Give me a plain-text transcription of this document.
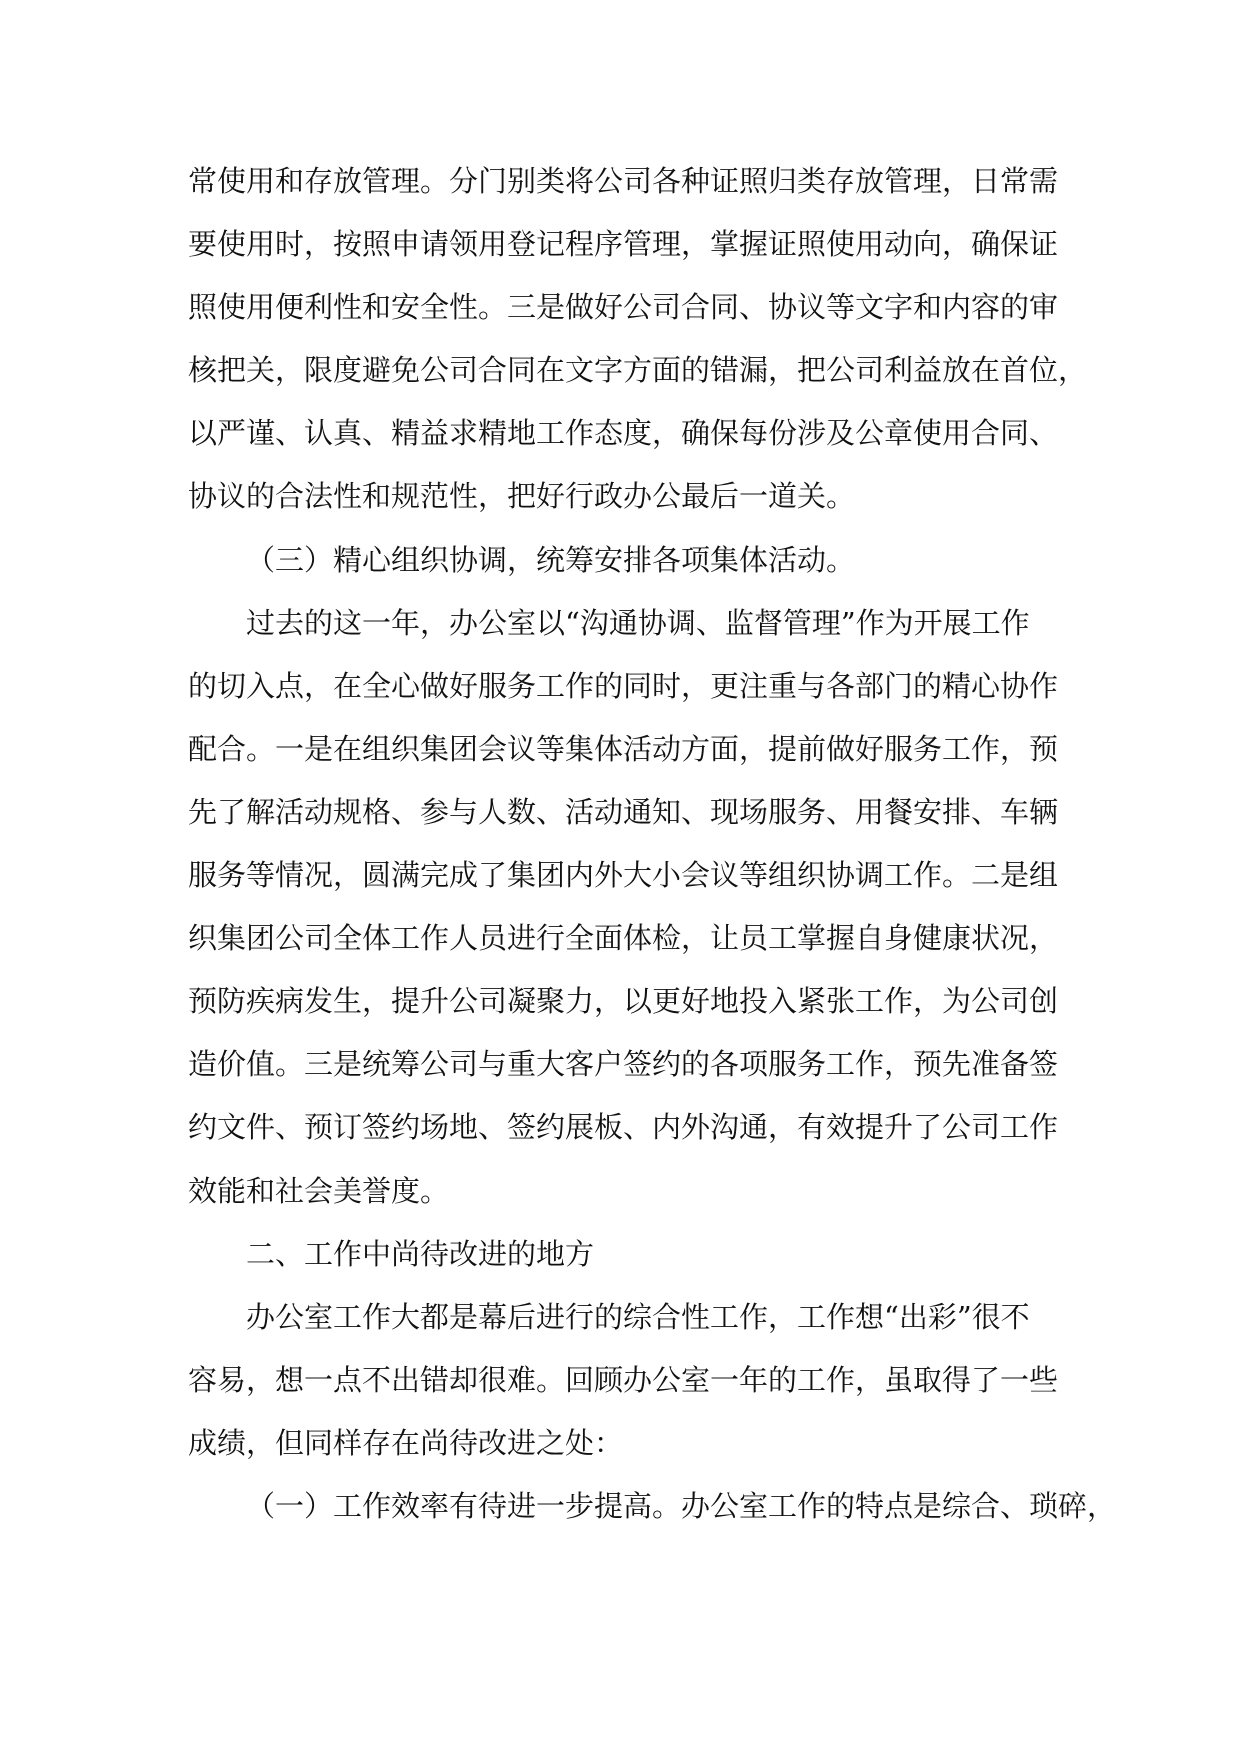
常使用和存放管理。分门别类将公司各种证照归类存放管理，日常需
要使用时，按照申请领用登记程序管理，掌握证照使用动向，确保证
照使用便利性和安全性。三是做好公司合同、协议等文字和内容的审
核把关，限度避免公司合同在文字方面的错漏，把公司利益放在首位，
以严谨、认真、精益求精地工作态度，确保每份涉及公章使用合同、
协议的合法性和规范性，把好行政办公最后一道关。
（三）精心组织协调，统筹安排各项集体活动。
过去的这一年，办公室以“沟通协调、监督管理”作为开展工作
的切入点，在全心做好服务工作的同时，更注重与各部门的精心协作
配合。一是在组织集团会议等集体活动方面，提前做好服务工作，预
先了解活动规格、参与人数、活动通知、现场服务、用餐安排、车辆
服务等情况，圆满完成了集团内外大小会议等组织协调工作。二是组
织集团公司全体工作人员进行全面体检，让员工掌握自身健康状况，
预防疾病发生，提升公司凝聚力，以更好地投入紧张工作，为公司创
造价值。三是统筹公司与重大客户签约的各项服务工作，预先准备签
约文件、预订签约场地、签约展板、内外沟通，有效提升了公司工作
效能和社会美誉度。
二、工作中尚待改进的地方
办公室工作大都是幕后进行的综合性工作，工作想“出彩”很不
容易，想一点不出错却很难。回顾办公室一年的工作，虽取得了一些
成绩，但同样存在尚待改进之处：
（一）工作效率有待进一步提高。办公室工作的特点是综合、琐碎，
